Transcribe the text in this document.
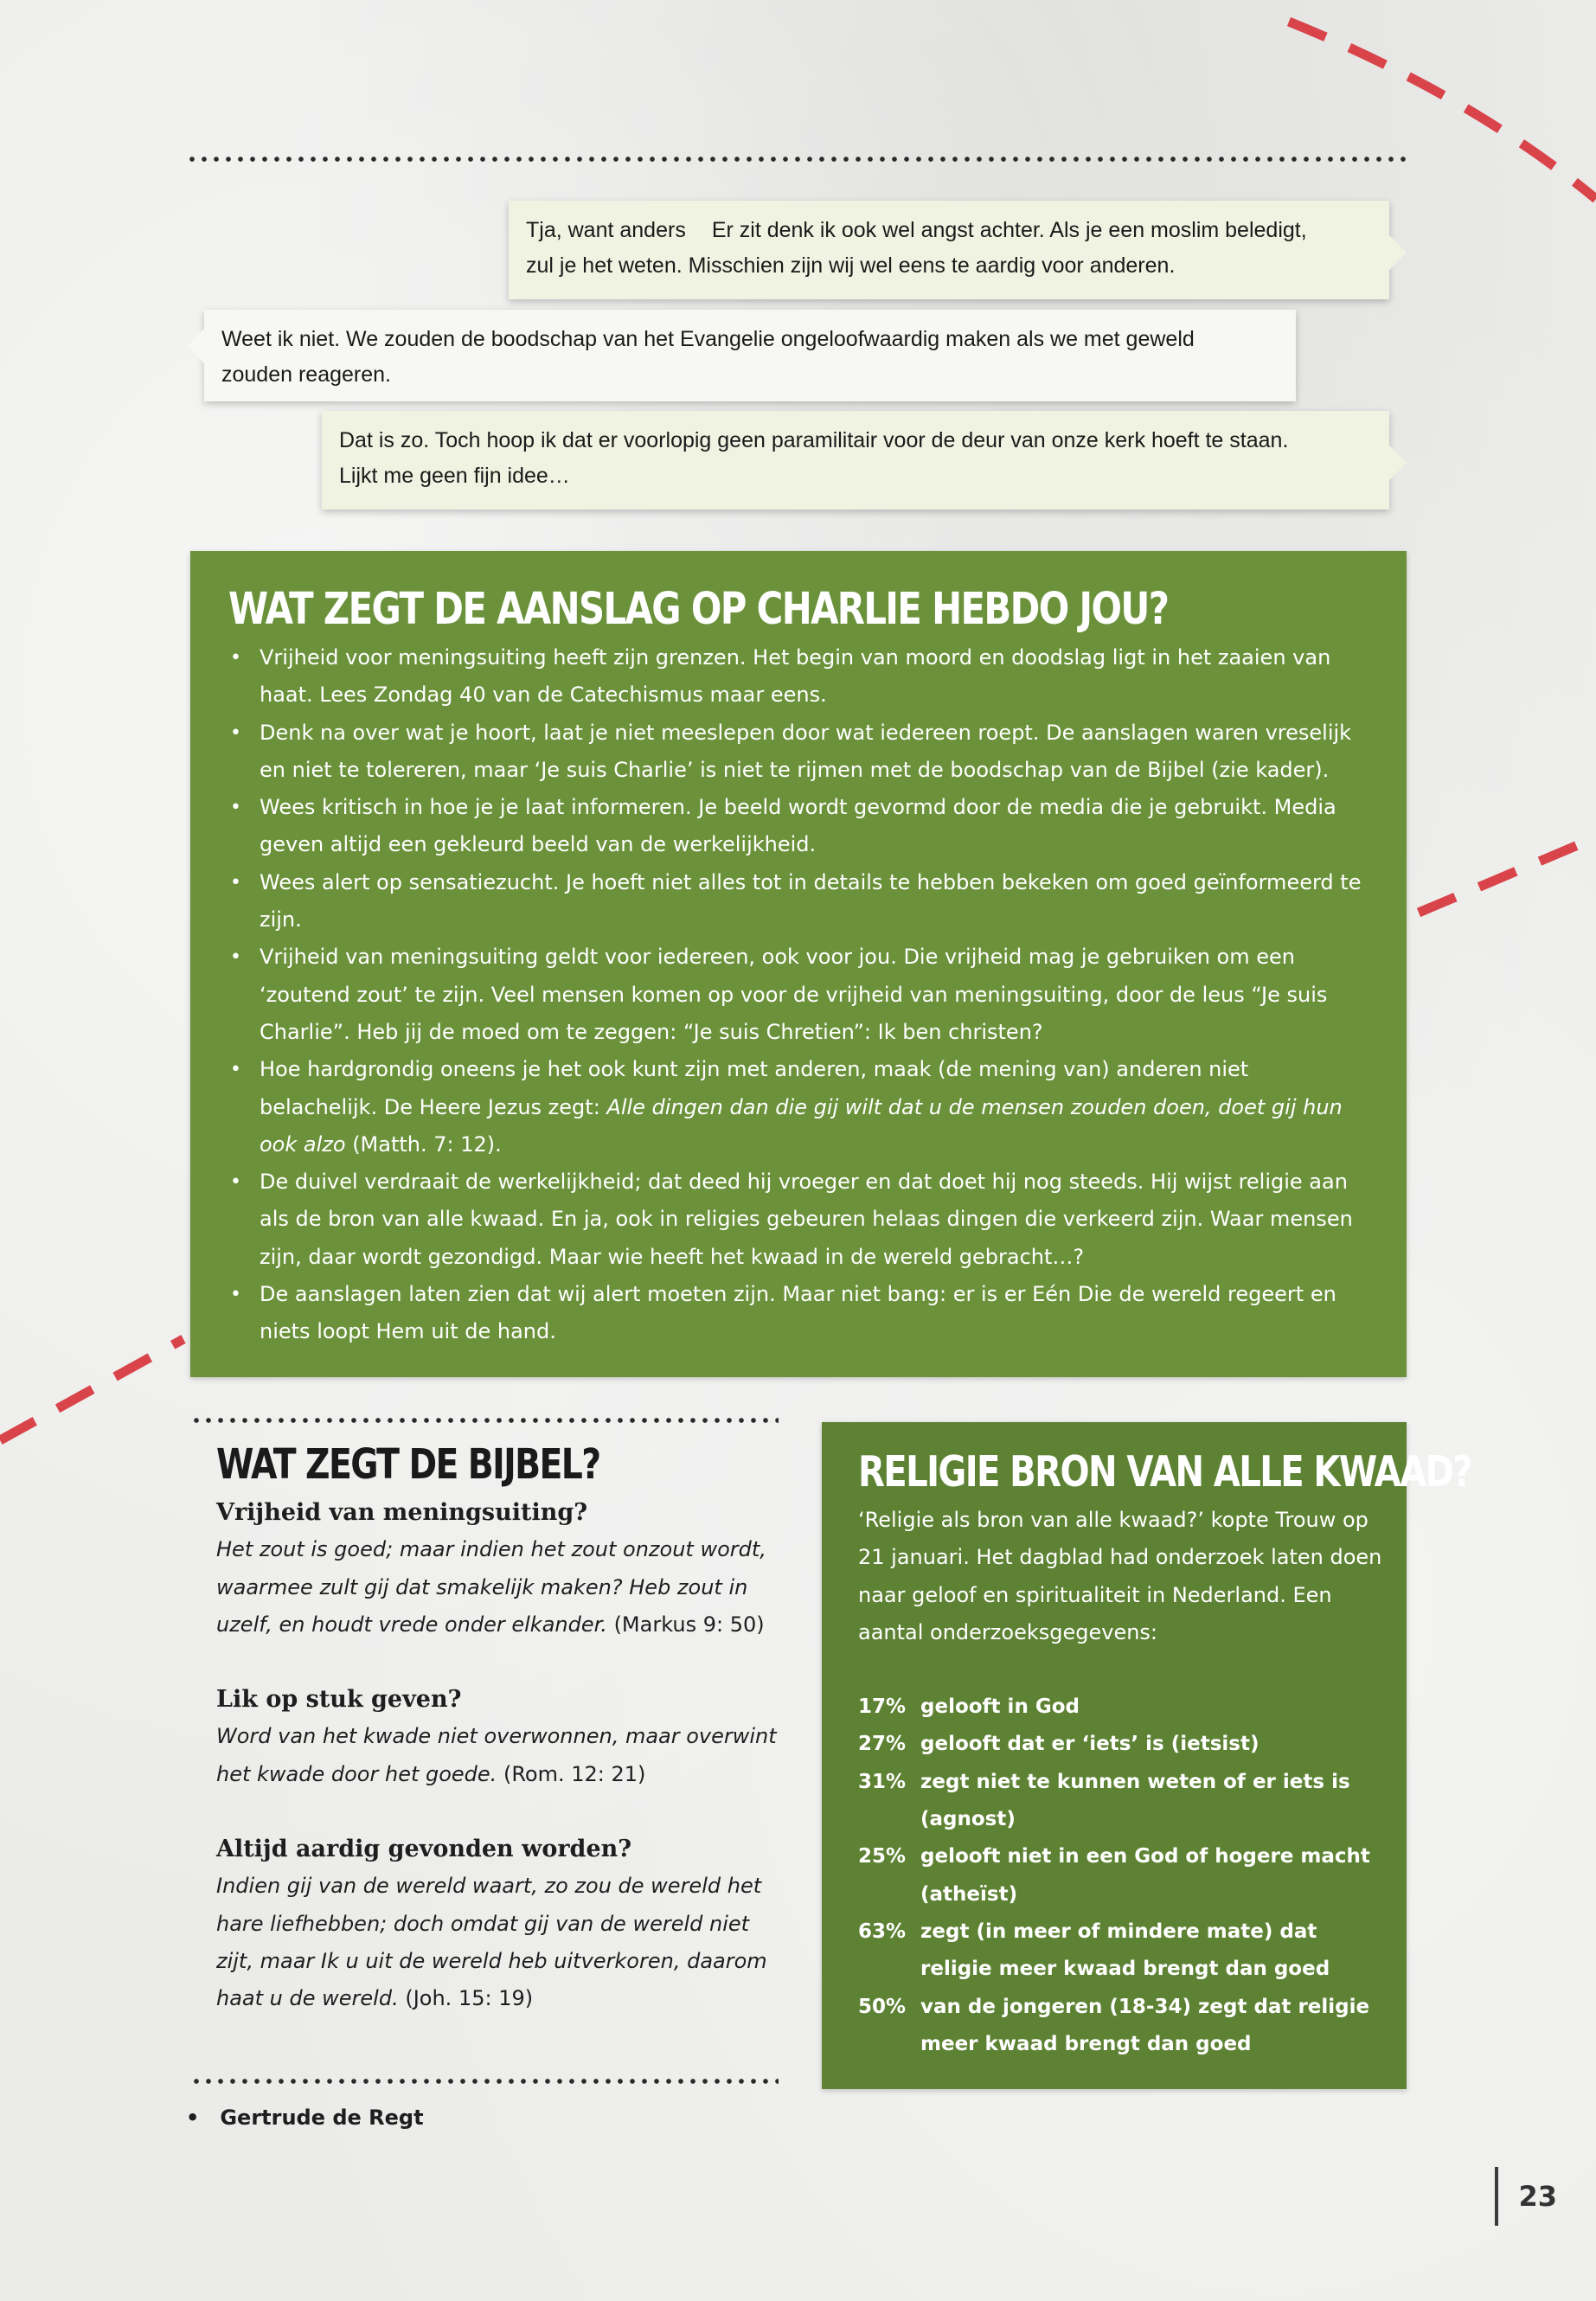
Tja, want anders Er zit denk ik ook wel angst achter. Als je een moslim beledigt,
zul je het weten. Misschien zijn wij wel eens te aardig voor anderen.
Weet ik niet. We zouden de boodschap van het Evangelie ongeloofwaardig maken als we met geweld
zouden reageren.
Dat is zo. Toch hoop ik dat er voorlopig geen paramilitair voor de deur van onze kerk hoeft te staan.
Lijkt me geen fijn idee…
WAT ZEGT DE AANSLAG OP CHARLIE HEBDO JOU?
• Vrijheid voor meningsuiting heeft zijn grenzen. Het begin van moord en doodslag ligt in het zaaien van haat. Lees Zondag 40 van de Catechismus maar eens.
• Denk na over wat je hoort, laat je niet meeslepen door wat iedereen roept. De aanslagen waren vreselijk en niet te tolereren, maar ‘Je suis Charlie’ is niet te rijmen met de boodschap van de Bijbel (zie kader).
• Wees kritisch in hoe je je laat informeren. Je beeld wordt gevormd door de media die je gebruikt. Media geven altijd een gekleurd beeld van de werkelijkheid.
• Wees alert op sensatiezucht. Je hoeft niet alles tot in details te hebben bekeken om goed geïnformeerd te zijn.
• Vrijheid van meningsuiting geldt voor iedereen, ook voor jou. Die vrijheid mag je gebruiken om een ‘zoutend zout’ te zijn. Veel mensen komen op voor de vrijheid van meningsuiting, door de leus “Je suis Charlie”. Heb jij de moed om te zeggen: “Je suis Chretien”: Ik ben christen?
• Hoe hardgrondig oneens je het ook kunt zijn met anderen, maak (de mening van) anderen niet belachelijk. De Heere Jezus zegt: Alle dingen dan die gij wilt dat u de mensen zouden doen, doet gij hun ook alzo (Matth. 7: 12).
• De duivel verdraait de werkelijkheid; dat deed hij vroeger en dat doet hij nog steeds. Hij wijst religie aan als de bron van alle kwaad. En ja, ook in religies gebeuren helaas dingen die verkeerd zijn. Waar mensen zijn, daar wordt gezondigd. Maar wie heeft het kwaad in de wereld gebracht…?
• De aanslagen laten zien dat wij alert moeten zijn. Maar niet bang: er is er Eén Die de wereld regeert en niets loopt Hem uit de hand.
WAT ZEGT DE BIJBEL?

Vrijheid van meningsuiting?

Het zout is goed; maar indien het zout onzout wordt, waarmee zult gij dat smakelijk maken? Heb zout in uzelf, en houdt vrede onder elkander. (Markus 9: 50)

Lik op stuk geven?

Word van het kwade niet overwonnen, maar overwint het kwade door het goede. (Rom. 12: 21)

Altijd aardig gevonden worden?

Indien gij van de wereld waart, zo zou de wereld het hare liefhebben; doch omdat gij van de wereld niet zijt, maar Ik u uit de wereld heb uitverkoren, daarom haat u de wereld. (Joh. 15: 19)

RELIGIE BRON VAN ALLE KWAAD?

‘Religie als bron van alle kwaad?’ kopte Trouw op 21 januari. Het dagblad had onderzoek laten doen naar geloof en spiritualiteit in Nederland. Een aantal onderzoeksgegevens:

17% gelooft in God
27% gelooft dat er ‘iets’ is (ietsist)
31% zegt niet te kunnen weten of er iets is (agnost)
25% gelooft niet in een God of hogere macht (atheïst)
63% zegt (in meer of mindere mate) dat religie meer kwaad brengt dan goed
50% van de jongeren (18-34) zegt dat religie meer kwaad brengt dan goed
• Gertrude de Regt
23
